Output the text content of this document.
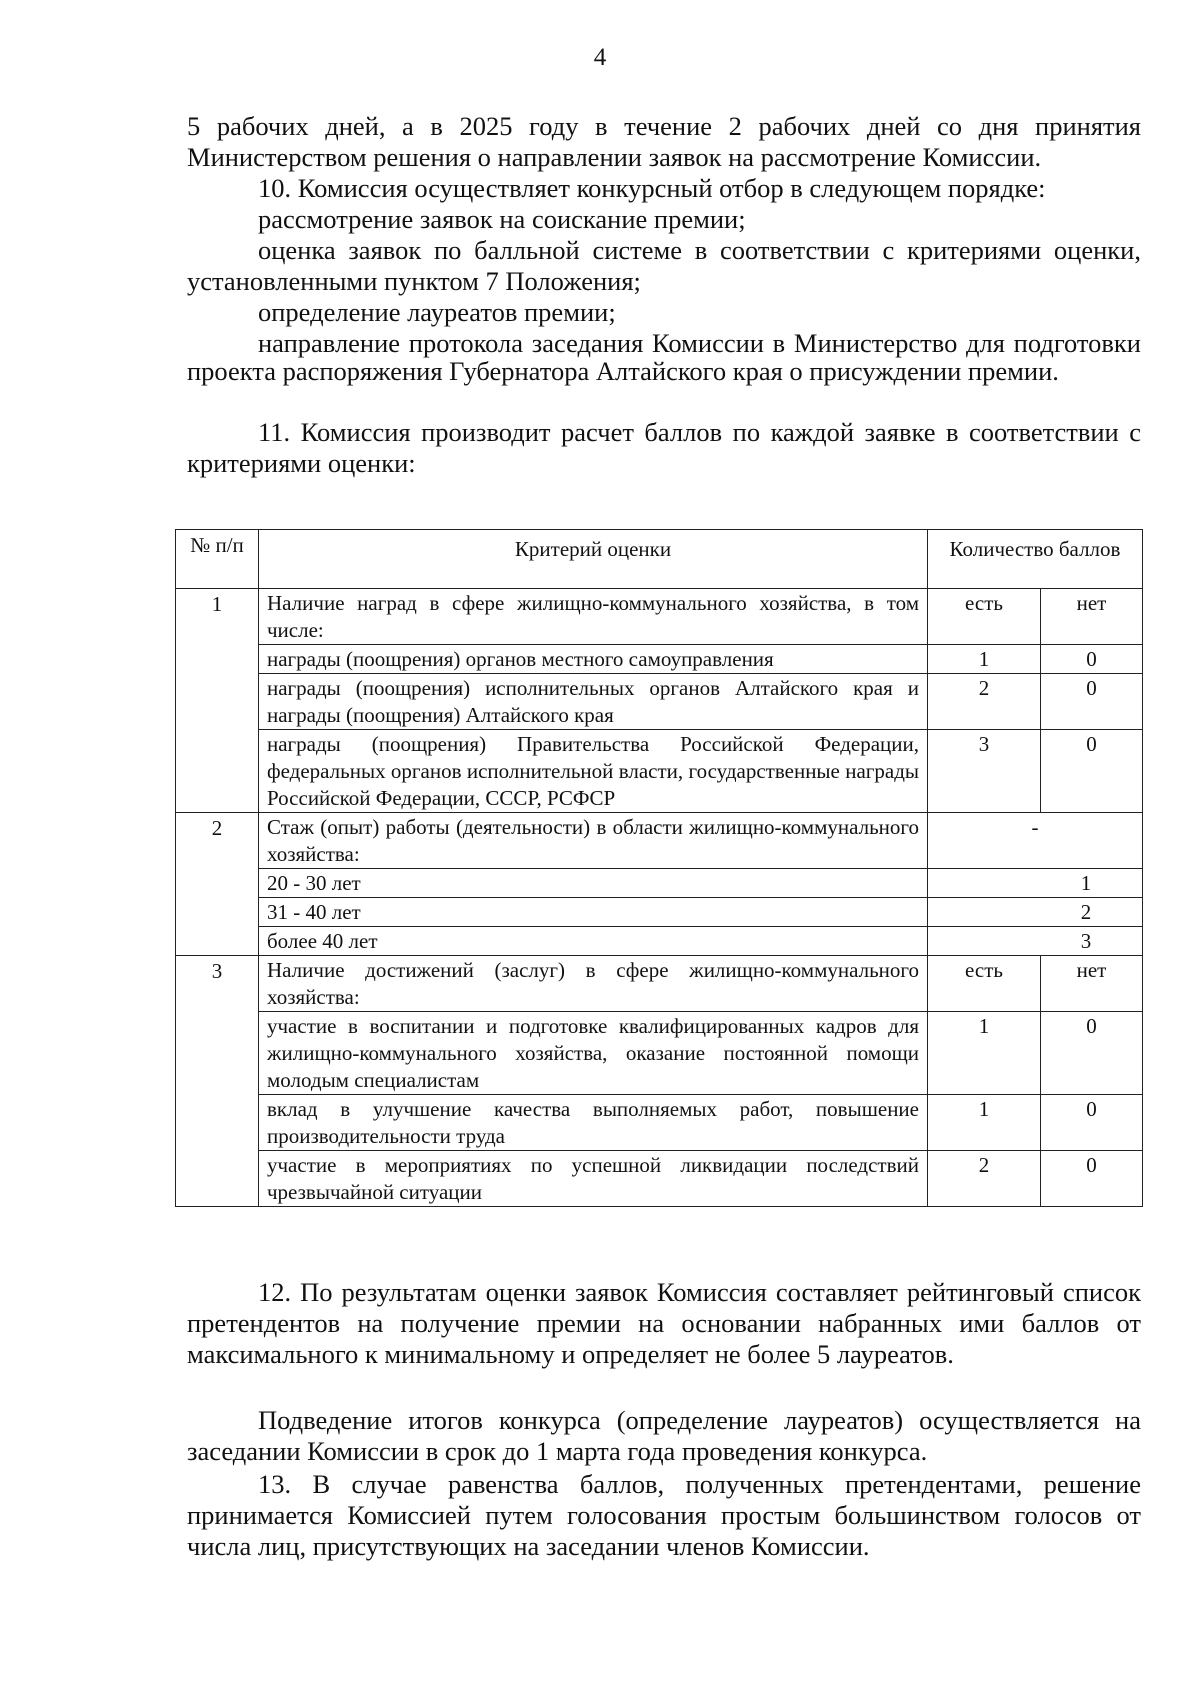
4

5 рабочих дней, а в 2025 году в течение 2 рабочих дней со дня принятия Министерством решения о направлении заявок на рассмотрение Комиссии.

10. Комиссия осуществляет конкурсный отбор в следующем порядке:

рассмотрение заявок на соискание премии;

оценка заявок по балльной системе в соответствии с критериями оценки, установленными пунктом 7 Положения;

определение лауреатов премии;

направление протокола заседания Комиссии в Министерство для подготовки проекта распоряжения Губернатора Алтайского края о присуждении премии.

11. Комиссия производит расчет баллов по каждой заявке в соответствии с критериями оценки:

№ п/п	Критерий оценки	Количество баллов	
1	Наличие наград в сфере жилищно-коммунального хозяйства, в том числе:	есть	нет
	награды (поощрения) органов местного самоуправления	1	0
	награды (поощрения) исполнительных органов Алтайского края и награды (поощрения) Алтайского края	2	0
	награды (поощрения) Правительства Российской Федерации, федеральных органов исполнительной власти, государственные награды Российской Федерации, СССР, РСФСР	3	0
2	Стаж (опыт) работы (деятельности) в области жилищно-коммунального хозяйства:	-	
	20 - 30 лет	1	
	31 - 40 лет	2	
	более 40 лет	3	
3	Наличие достижений (заслуг) в сфере жилищно-коммунального хозяйства:	есть	нет
	участие в воспитании и подготовке квалифицированных кадров для жилищно-коммунального хозяйства, оказание постоянной помощи молодым специалистам	1	0
	вклад в улучшение качества выполняемых работ, повышение производительности труда	1	0
	участие в мероприятиях по успешной ликвидации последствий чрезвычайной ситуации	2	0

12. По результатам оценки заявок Комиссия составляет рейтинговый список претендентов на получение премии на основании набранных ими баллов от максимального к минимальному и определяет не более 5 лауреатов.

Подведение итогов конкурса (определение лауреатов) осуществляется на заседании Комиссии в срок до 1 марта года проведения конкурса.

13. В случае равенства баллов, полученных претендентами, решение принимается Комиссией путем голосования простым большинством голосов от числа лиц, присутствующих на заседании членов Комиссии.
